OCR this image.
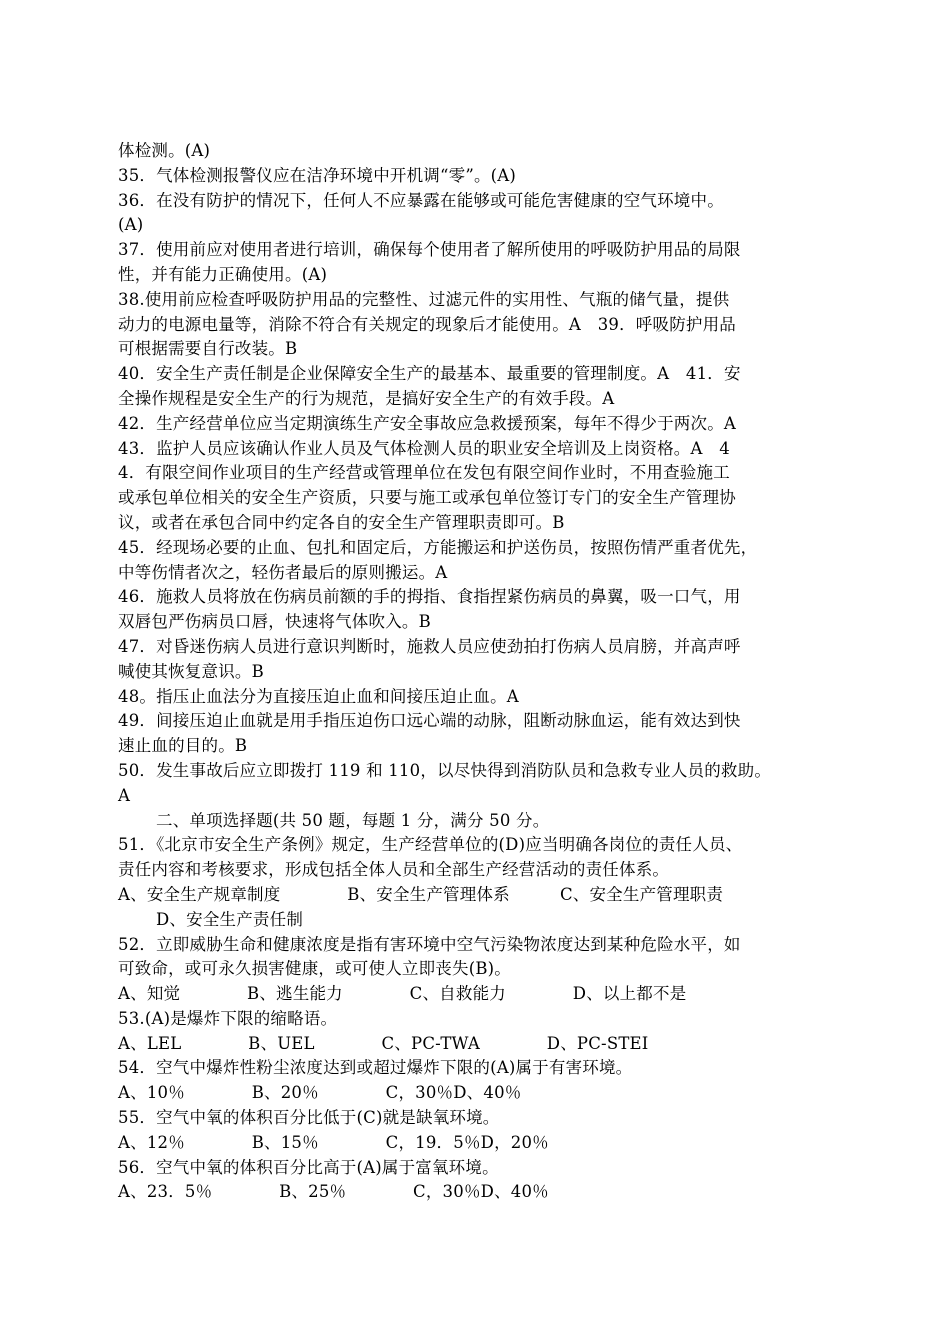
体检测。(A)
35．气体检测报警仪应在洁净环境中开机调“零”。(A)
36．在没有防护的情况下，任何人不应暴露在能够或可能危害健康的空气环境中。
(A)
37．使用前应对使用者进行培训，确保每个使用者了解所使用的呼吸防护用品的局限
性，并有能力正确使用。(A)
38.使用前应检查呼吸防护用品的完整性、过滤元件的实用性、气瓶的储气量，提供
动力的电源电量等，消除不符合有关规定的现象后才能使用。A　39．呼吸防护用品
可根据需要自行改装。B
40．安全生产责任制是企业保障安全生产的最基本、最重要的管理制度。A　41．安
全操作规程是安全生产的行为规范，是搞好安全生产的有效手段。A
42．生产经营单位应当定期演练生产安全事故应急救援预案，每年不得少于两次。A
43．监护人员应该确认作业人员及气体检测人员的职业安全培训及上岗资格。A　4
4．有限空间作业项目的生产经营或管理单位在发包有限空间作业时，不用查验施工
或承包单位相关的安全生产资质，只要与施工或承包单位签订专门的安全生产管理协
议，或者在承包合同中约定各自的安全生产管理职责即可。B
45．经现场必要的止血、包扎和固定后，方能搬运和护送伤员，按照伤情严重者优先，
中等伤情者次之，轻伤者最后的原则搬运。A
46．施救人员将放在伤病员前额的手的拇指、食指捏紧伤病员的鼻翼，吸一口气，用
双唇包严伤病员口唇，快速将气体吹入。B
47．对昏迷伤病人员进行意识判断时，施救人员应使劲拍打伤病人员肩膀，并高声呼
喊使其恢复意识。B
48。指压止血法分为直接压迫止血和间接压迫止血。A
49．间接压迫止血就是用手指压迫伤口远心端的动脉，阻断动脉血运，能有效达到快
速止血的目的。B
50．发生事故后应立即拨打 119 和 110，以尽快得到消防队员和急救专业人员的救助。
A
二、单项选择题(共 50 题，每题 1 分，满分 50 分。
51．《北京市安全生产条例》规定，生产经营单位的(D)应当明确各岗位的责任人员、
责任内容和考核要求，形成包括全体人员和全部生产经营活动的责任体系。
A、安全生产规章制度　　　　B、安全生产管理体系　　　C、安全生产管理职责
D、安全生产责任制
52．立即威胁生命和健康浓度是指有害环境中空气污染物浓度达到某种危险水平，如
可致命，或可永久损害健康，或可使人立即丧失(B)。
A、知觉　　　　B、逃生能力　　　　C、自救能力　　　　D、以上都不是
53.(A)是爆炸下限的缩略语。
A、LEL　　　　B、UEL　　　　C、PC-TWA　　　　D、PC-STEI
54．空气中爆炸性粉尘浓度达到或超过爆炸下限的(A)属于有害环境。
A、10％　　　　B、20％　　　　C，30％D、40％
55．空气中氧的体积百分比低于(C)就是缺氧环境。
A、12％　　　　B、15％　　　　C，19．5％D，20％
56．空气中氧的体积百分比高于(A)属于富氧环境。
A、23．5％　　　　B、25％　　　　C，30％D、40％
